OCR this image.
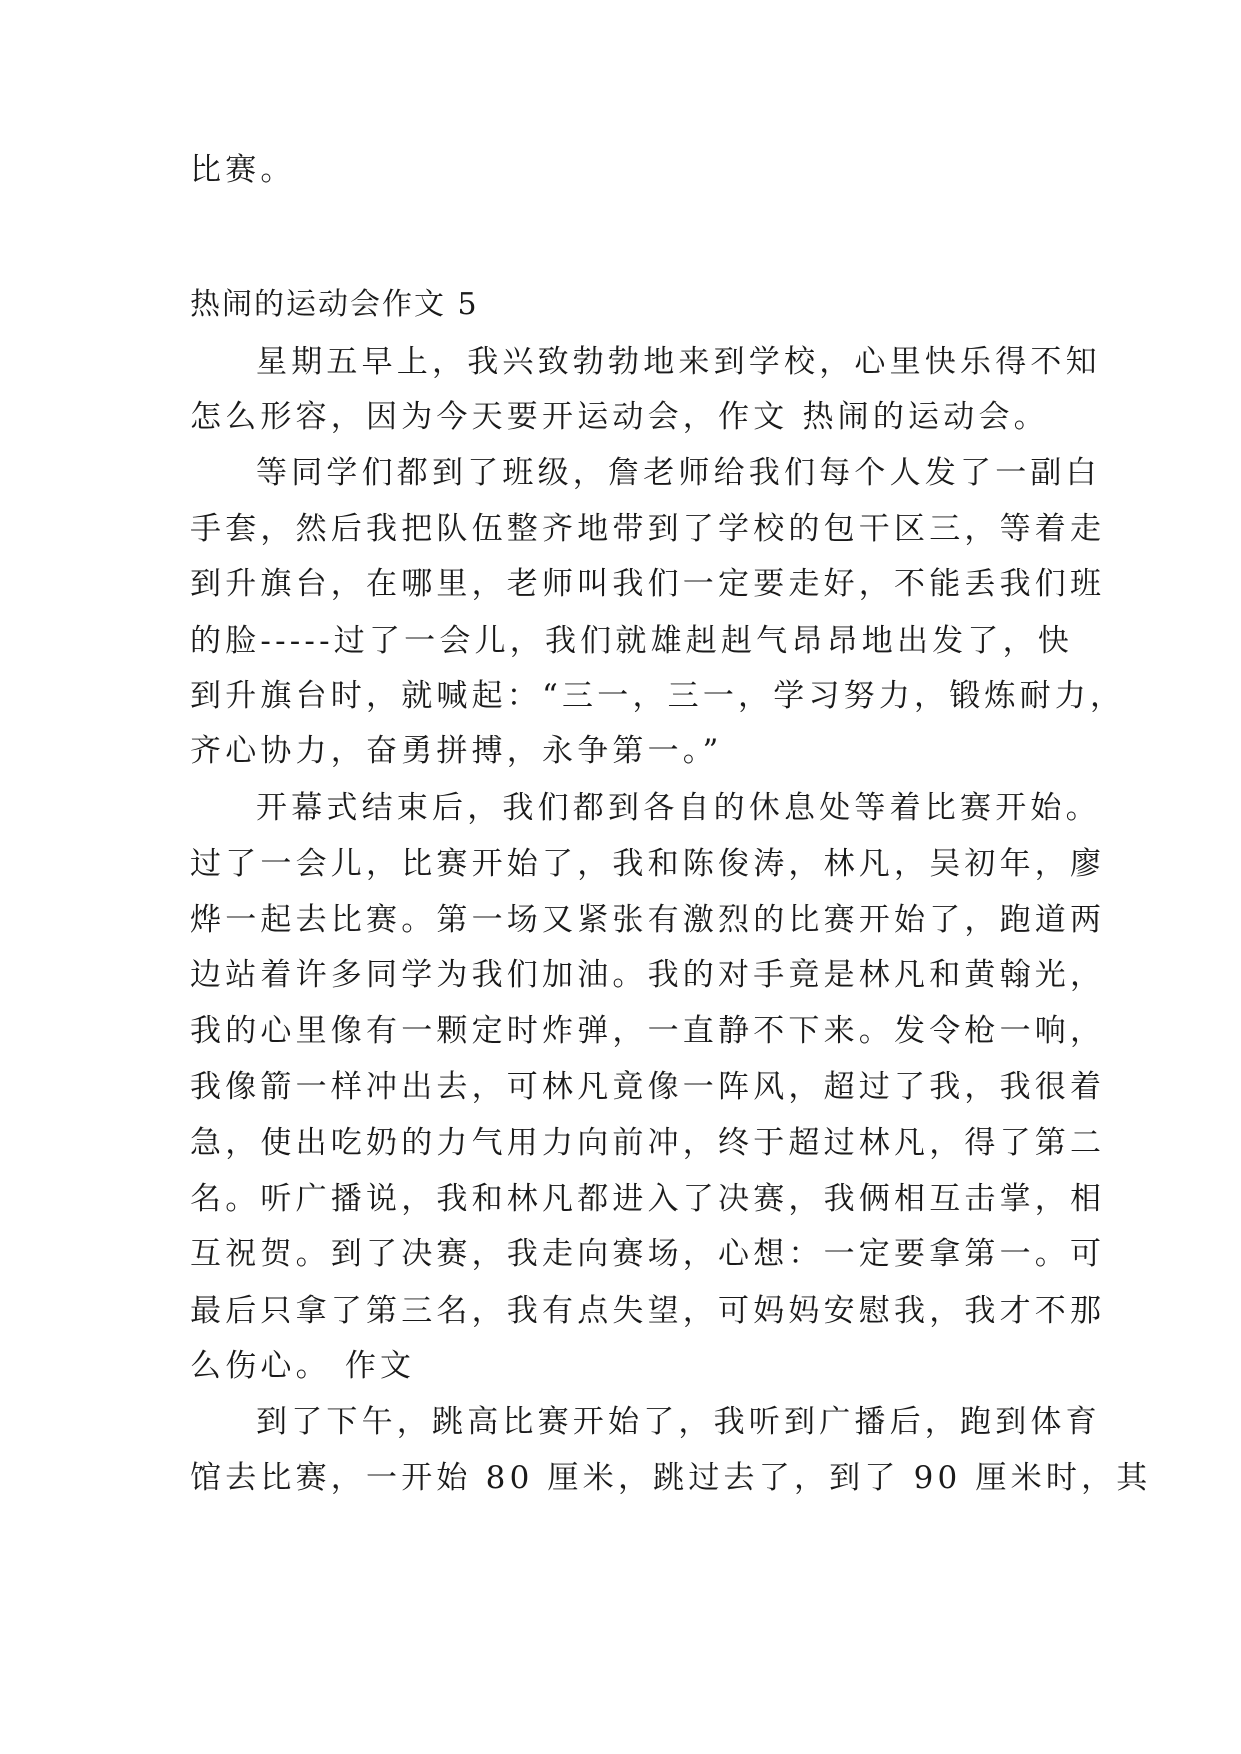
比赛。
热闹的运动会作文 5
星期五早上，我兴致勃勃地来到学校，心里快乐得不知
怎么形容，因为今天要开运动会，作文 热闹的运动会。
等同学们都到了班级，詹老师给我们每个人发了一副白
手套，然后我把队伍整齐地带到了学校的包干区三，等着走
到升旗台，在哪里，老师叫我们一定要走好，不能丢我们班
的脸-----过了一会儿，我们就雄赳赳气昂昂地出发了，快
到升旗台时，就喊起：“三一，三一，学习努力，锻炼耐力，
齐心协力，奋勇拼搏，永争第一。”
开幕式结束后，我们都到各自的休息处等着比赛开始。
过了一会儿，比赛开始了，我和陈俊涛，林凡，吴初年，廖
烨一起去比赛。第一场又紧张有激烈的比赛开始了，跑道两
边站着许多同学为我们加油。我的对手竟是林凡和黄翰光，
我的心里像有一颗定时炸弹，一直静不下来。发令枪一响，
我像箭一样冲出去，可林凡竟像一阵风，超过了我，我很着
急，使出吃奶的力气用力向前冲，终于超过林凡，得了第二
名。听广播说，我和林凡都进入了决赛，我俩相互击掌，相
互祝贺。到了决赛，我走向赛场，心想：一定要拿第一。可
最后只拿了第三名，我有点失望，可妈妈安慰我，我才不那
么伤心。 作文
到了下午，跳高比赛开始了，我听到广播后，跑到体育
馆去比赛，一开始 80 厘米，跳过去了，到了 90 厘米时，其
